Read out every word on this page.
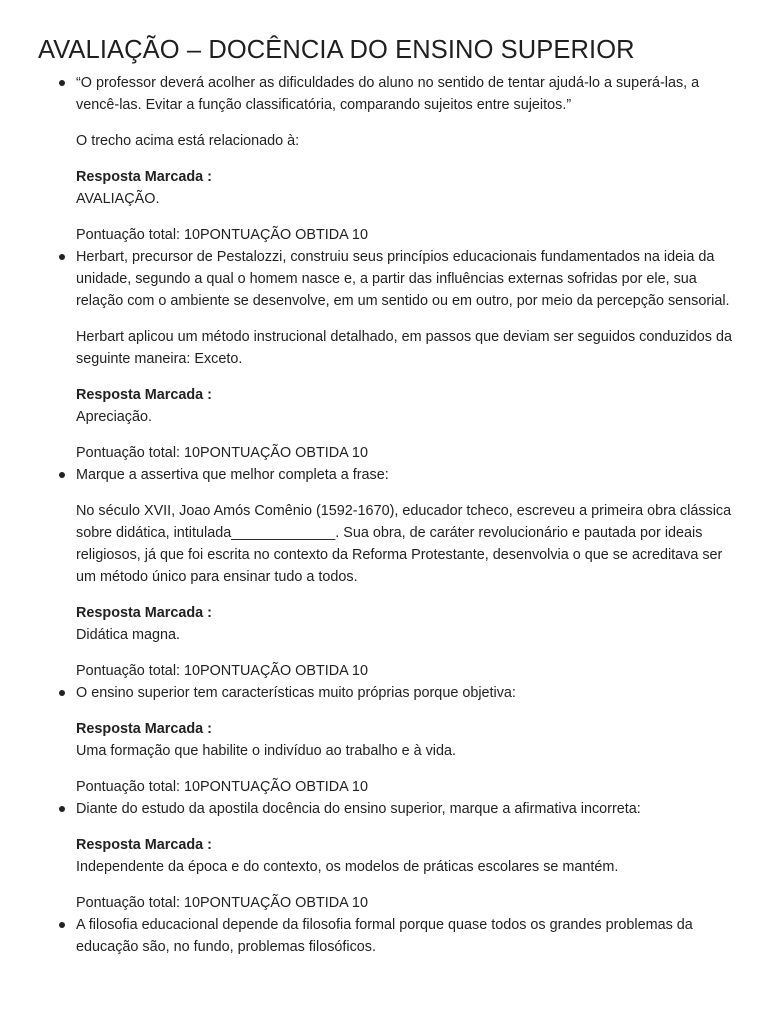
AVALIAÇÃO – DOCÊNCIA DO ENSINO SUPERIOR

“O professor deverá acolher as dificuldades do aluno no sentido de tentar ajudá-lo a superá-las, a vencê-las. Evitar a função classificatória, comparando sujeitos entre sujeitos.”

O trecho acima está relacionado à:

Resposta Marcada :
AVALIAÇÃO.

Pontuação total: 10PONTUAÇÃO OBTIDA 10

Herbart, precursor de Pestalozzi, construiu seus princípios educacionais fundamentados na ideia da unidade, segundo a qual o homem nasce e, a partir das influências externas sofridas por ele, sua relação com o ambiente se desenvolve, em um sentido ou em outro, por meio da percepção sensorial.

Herbart aplicou um método instrucional detalhado, em passos que deviam ser seguidos conduzidos da seguinte maneira: Exceto.

Resposta Marcada :
Apreciação.

Pontuação total: 10PONTUAÇÃO OBTIDA 10

Marque a assertiva que melhor completa a frase:

No século XVII, Joao Amós Comênio (1592-1670), educador tcheco, escreveu a primeira obra clássica sobre didática, intitulada_____________. Sua obra, de caráter revolucionário e pautada por ideais religiosos, já que foi escrita no contexto da Reforma Protestante, desenvolvia o que se acreditava ser um método único para ensinar tudo a todos.

Resposta Marcada :
Didática magna.

Pontuação total: 10PONTUAÇÃO OBTIDA 10

O ensino superior tem características muito próprias porque objetiva:

Resposta Marcada :
Uma formação que habilite o indivíduo ao trabalho e à vida.

Pontuação total: 10PONTUAÇÃO OBTIDA 10

Diante do estudo da apostila docência do ensino superior, marque a afirmativa incorreta:

Resposta Marcada :
Independente da época e do contexto, os modelos de práticas escolares se mantém.

Pontuação total: 10PONTUAÇÃO OBTIDA 10

A filosofia educacional depende da filosofia formal porque quase todos os grandes problemas da educação são, no fundo, problemas filosóficos.
